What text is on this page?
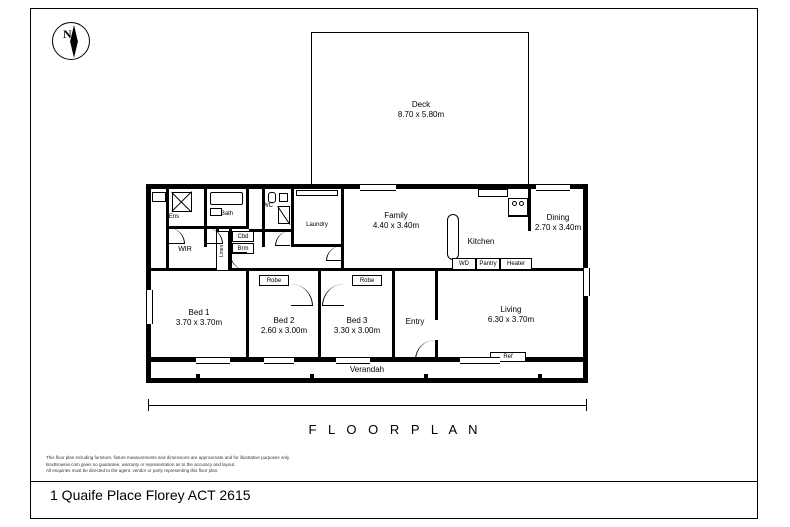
N
Deck
8.70 x 5.80m
Verandah
Ens	Bath
WC
Laundry
Linen
Cbd
Brm
WIR
Kitchen
WD	Pantry	Heater
Family
4.40 x 3.40m
Dining
2.70 x 3.40m
Living
6.30 x 3.70m
Bed 1
3.70 x 3.70m	Bed 2
2.60 x 3.00m
Bed 3
3.30 x 3.00m
Entry
Robe	Robe
Ref
F L O O R P L A N
This floor plan including furniture, fixture measurements and dimensions are approximate and for illustrative purposes only.
BoxBrownie.com gives no guarantee, warranty or representation as to the accuracy and layout.
All enquiries must be directed to the agent, vendor or party representing this floor plan.
1 Quaife Place Florey ACT 2615
